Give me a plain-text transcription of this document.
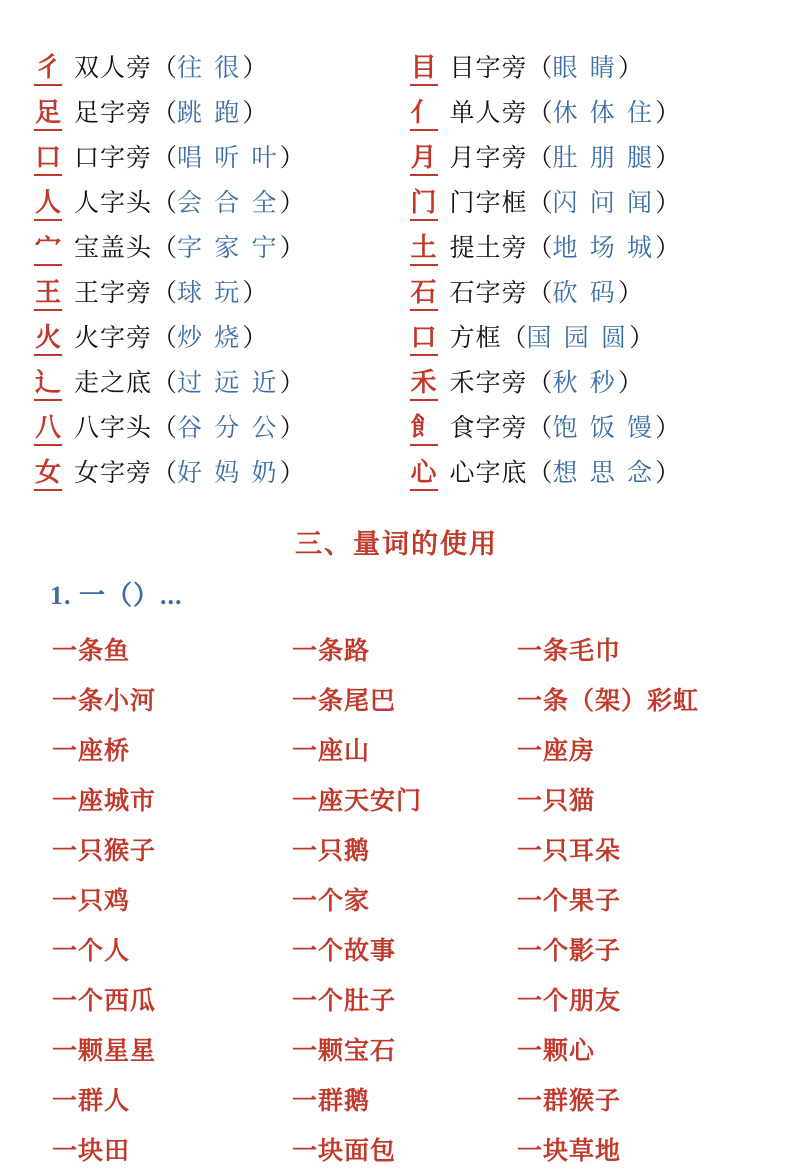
彳 双人旁 （ 往 很 ）	目 目字旁 （ 眼 睛 ）
足 足字旁 （ 跳 跑 ）	亻 单人旁 （ 休 体 住 ）
口 口字旁 （ 唱 听 叶 ）	月 月字旁 （ 肚 朋 腿 ）
人 人字头 （ 会 合 全 ）	门 门字框 （ 闪 问 闻 ）
宀 宝盖头 （ 字 家 宁 ）	土 提土旁 （ 地 场 城 ）
王 王字旁 （ 球 玩 ）	石 石字旁 （ 砍 码 ）
火 火字旁 （ 炒 烧 ）	口 方框 （ 国 园 圆 ）
辶 走之底 （ 过 远 近 ）	禾 禾字旁 （ 秋 秒 ）
八 八字头 （ 谷 分 公 ）	飠 食字旁 （ 饱 饭 馒 ）
女 女字旁 （ 好 妈 奶 ）	心 心字底 （ 想 思 念 ）
三、量词的使用
1. 一（）...
一条鱼	一条路	一条毛巾
一条小河	一条尾巴	一条（架）彩虹
一座桥	一座山	一座房
一座城市	一座天安门	一只猫
一只猴子	一只鹅	一只耳朵
一只鸡	一个家	一个果子
一个人	一个故事	一个影子
一个西瓜	一个肚子	一个朋友
一颗星星	一颗宝石	一颗心
一群人	一群鹅	一群猴子
一块田	一块面包	一块草地
